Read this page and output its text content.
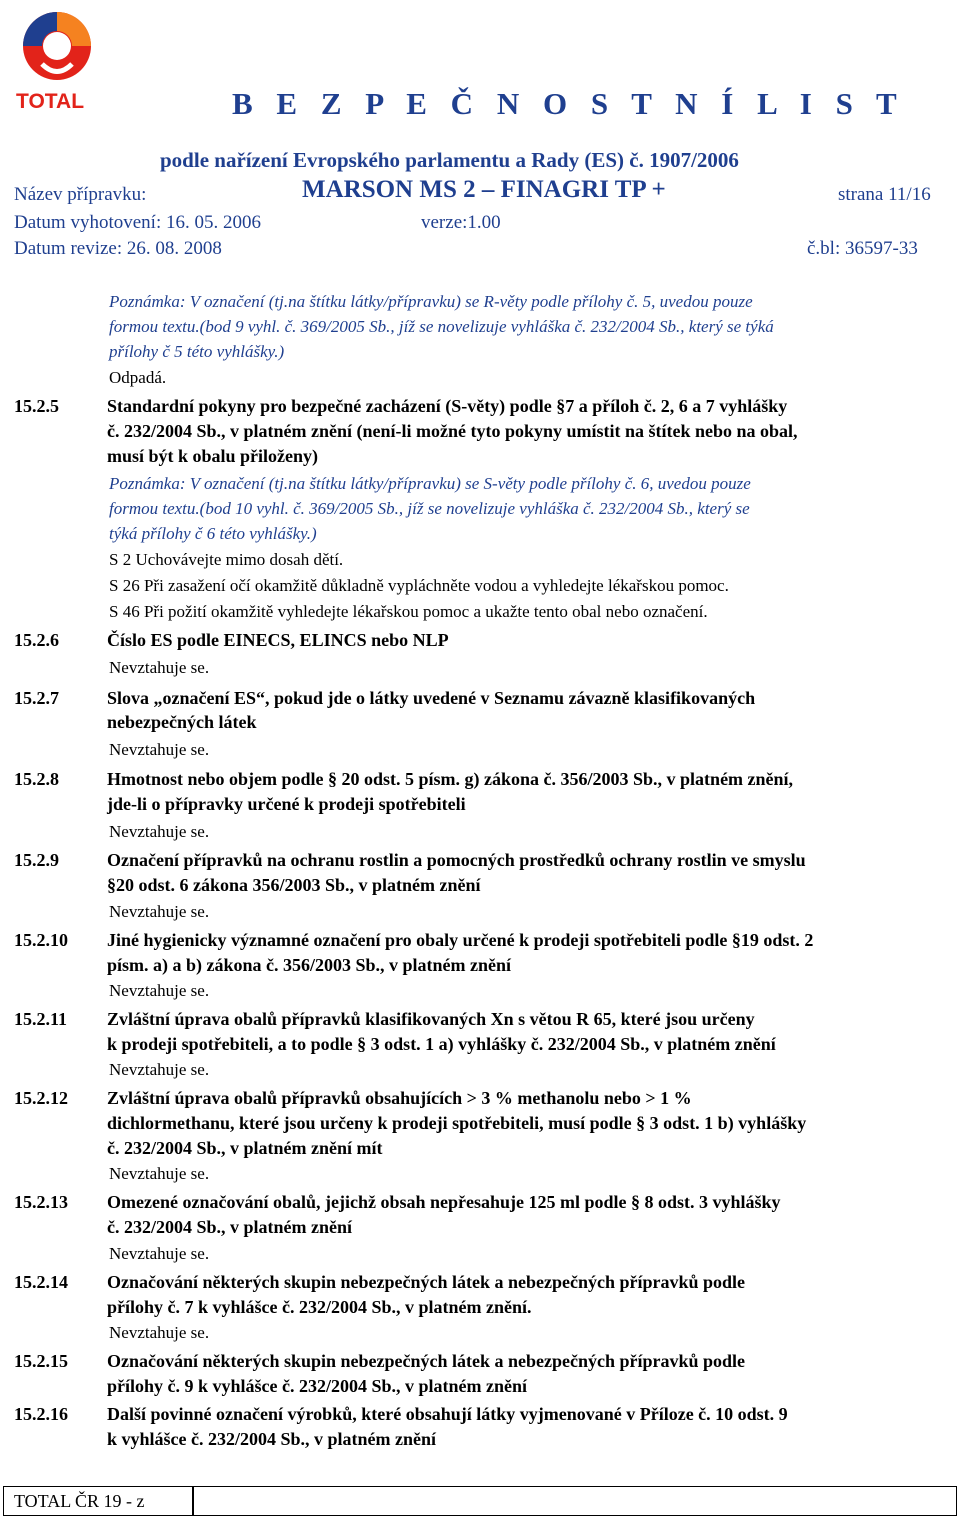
TOTAL	B E Z P E Č N O S T N Í L I S T
podle nařízení Evropského parlamentu a Rady (ES) č. 1907/2006
Název přípravku:	MARSON MS 2 – FINAGRI TP +	strana 11/16
Datum vyhotovení: 16. 05. 2006	verze:1.00
Datum revize: 26. 08. 2008	č.bl: 36597-33
Poznámka: V označení (tj.na štítku látky/přípravku) se R-věty podle přílohy č. 5, uvedou pouze
formou textu.(bod 9 vyhl. č. 369/2005 Sb., jíž se novelizuje vyhláška č. 232/2004 Sb., který se týká
přílohy č 5 této vyhlášky.)
Odpadá.
15.2.5	Standardní pokyny pro bezpečné zacházení (S-věty) podle §7 a příloh č. 2, 6 a 7 vyhlášky
č. 232/2004 Sb., v platném znění (není-li možné tyto pokyny umístit na štítek nebo na obal,
musí být k obalu přiloženy)
Poznámka: V označení (tj.na štítku látky/přípravku) se S-věty podle přílohy č. 6, uvedou pouze
formou textu.(bod 10 vyhl. č. 369/2005 Sb., jíž se novelizuje vyhláška č. 232/2004 Sb., který se
týká přílohy č 6 této vyhlášky.)
S 2 Uchovávejte mimo dosah dětí.
S 26 Při zasažení očí okamžitě důkladně vypláchněte vodou a vyhledejte lékařskou pomoc.
S 46 Při požití okamžitě vyhledejte lékařskou pomoc a ukažte tento obal nebo označení.
15.2.6	Číslo ES podle EINECS, ELINCS nebo NLP
Nevztahuje se.
15.2.7	Slova „označení ES“, pokud jde o látky uvedené v Seznamu závazně klasifikovaných
nebezpečných látek
Nevztahuje se.
15.2.8	Hmotnost nebo objem podle § 20 odst. 5 písm. g) zákona č. 356/2003 Sb., v platném znění,
jde-li o přípravky určené k prodeji spotřebiteli
Nevztahuje se.
15.2.9	Označení přípravků na ochranu rostlin a pomocných prostředků ochrany rostlin ve smyslu
§20 odst. 6 zákona 356/2003 Sb., v platném znění
Nevztahuje se.
15.2.10 Jiné hygienicky významné označení pro obaly určené k prodeji spotřebiteli podle §19 odst. 2
písm. a) a b) zákona č. 356/2003 Sb., v platném znění
Nevztahuje se.
15.2.11 Zvláštní úprava obalů přípravků klasifikovaných Xn s větou R 65, které jsou určeny
k prodeji spotřebiteli, a to podle § 3 odst. 1 a) vyhlášky č. 232/2004 Sb., v platném znění
Nevztahuje se.
15.2.12 Zvláštní úprava obalů přípravků obsahujících > 3 % methanolu nebo > 1 %
dichlormethanu, které jsou určeny k prodeji spotřebiteli, musí podle § 3 odst. 1 b) vyhlášky
č. 232/2004 Sb., v platném znění mít
Nevztahuje se.
15.2.13 Omezené označování obalů, jejichž obsah nepřesahuje 125 ml podle § 8 odst. 3 vyhlášky
č. 232/2004 Sb., v platném znění
Nevztahuje se.
15.2.14 Označování některých skupin nebezpečných látek a nebezpečných přípravků podle
přílohy č. 7 k vyhlášce č. 232/2004 Sb., v platném znění.
Nevztahuje se.
15.2.15 Označování některých skupin nebezpečných látek a nebezpečných přípravků podle
přílohy č. 9 k vyhlášce č. 232/2004 Sb., v platném znění
15.2.16 Další povinné označení výrobků, které obsahují látky vyjmenované v Příloze č. 10 odst. 9
k vyhlášce č. 232/2004 Sb., v platném znění
TOTAL ČR 19 - z
